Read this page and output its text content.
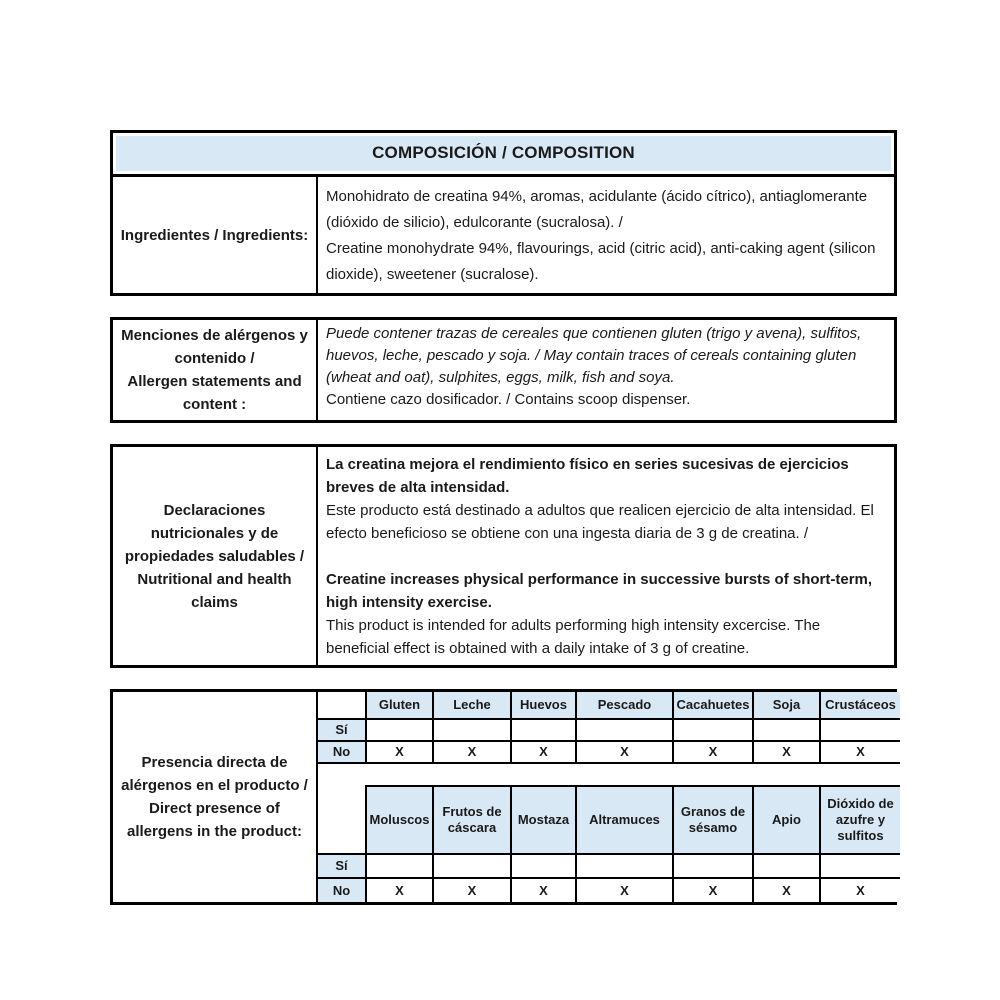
COMPOSICIÓN / COMPOSITION
Ingredientes / Ingredients:
Monohidrato de creatina 94%, aromas, acidulante (ácido cítrico), antiaglomerante (dióxido de silicio), edulcorante (sucralosa). /
Creatine monohydrate 94%, flavourings, acid (citric acid), anti-caking agent (silicon dioxide), sweetener (sucralose).
Menciones de alérgenos y contenido /
Allergen statements and content :
Puede contener trazas de cereales que contienen gluten (trigo y avena), sulfitos, huevos, leche, pescado y soja. / May contain traces of cereals containing gluten (wheat and oat), sulphites, eggs, milk, fish and soya.
Contiene cazo dosificador. / Contains scoop dispenser.
Declaraciones nutricionales y de propiedades saludables / Nutritional and health claims
La creatina mejora el rendimiento físico en series sucesivas de ejercicios breves de alta intensidad.
Este producto está destinado a adultos que realicen ejercicio de alta intensidad. El efecto beneficioso se obtiene con una ingesta diaria de 3 g de creatina. /
Creatine increases physical performance in successive bursts of short-term, high intensity exercise.
This product is intended for adults performing high intensity excercise. The beneficial effect is obtained with a daily intake of 3 g of creatine.
Presencia directa de alérgenos en el producto / Direct presence of allergens in the product:
	Gluten	Leche	Huevos	Pescado	Cacahuetes	Soja	Crustáceos
Sí							
No	X	X	X	X	X	X	X
	Moluscos	Frutos de cáscara	Mostaza	Altramuces	Granos de sésamo	Apio	Dióxido de azufre y sulfitos
Sí							
No	X	X	X	X	X	X	X
